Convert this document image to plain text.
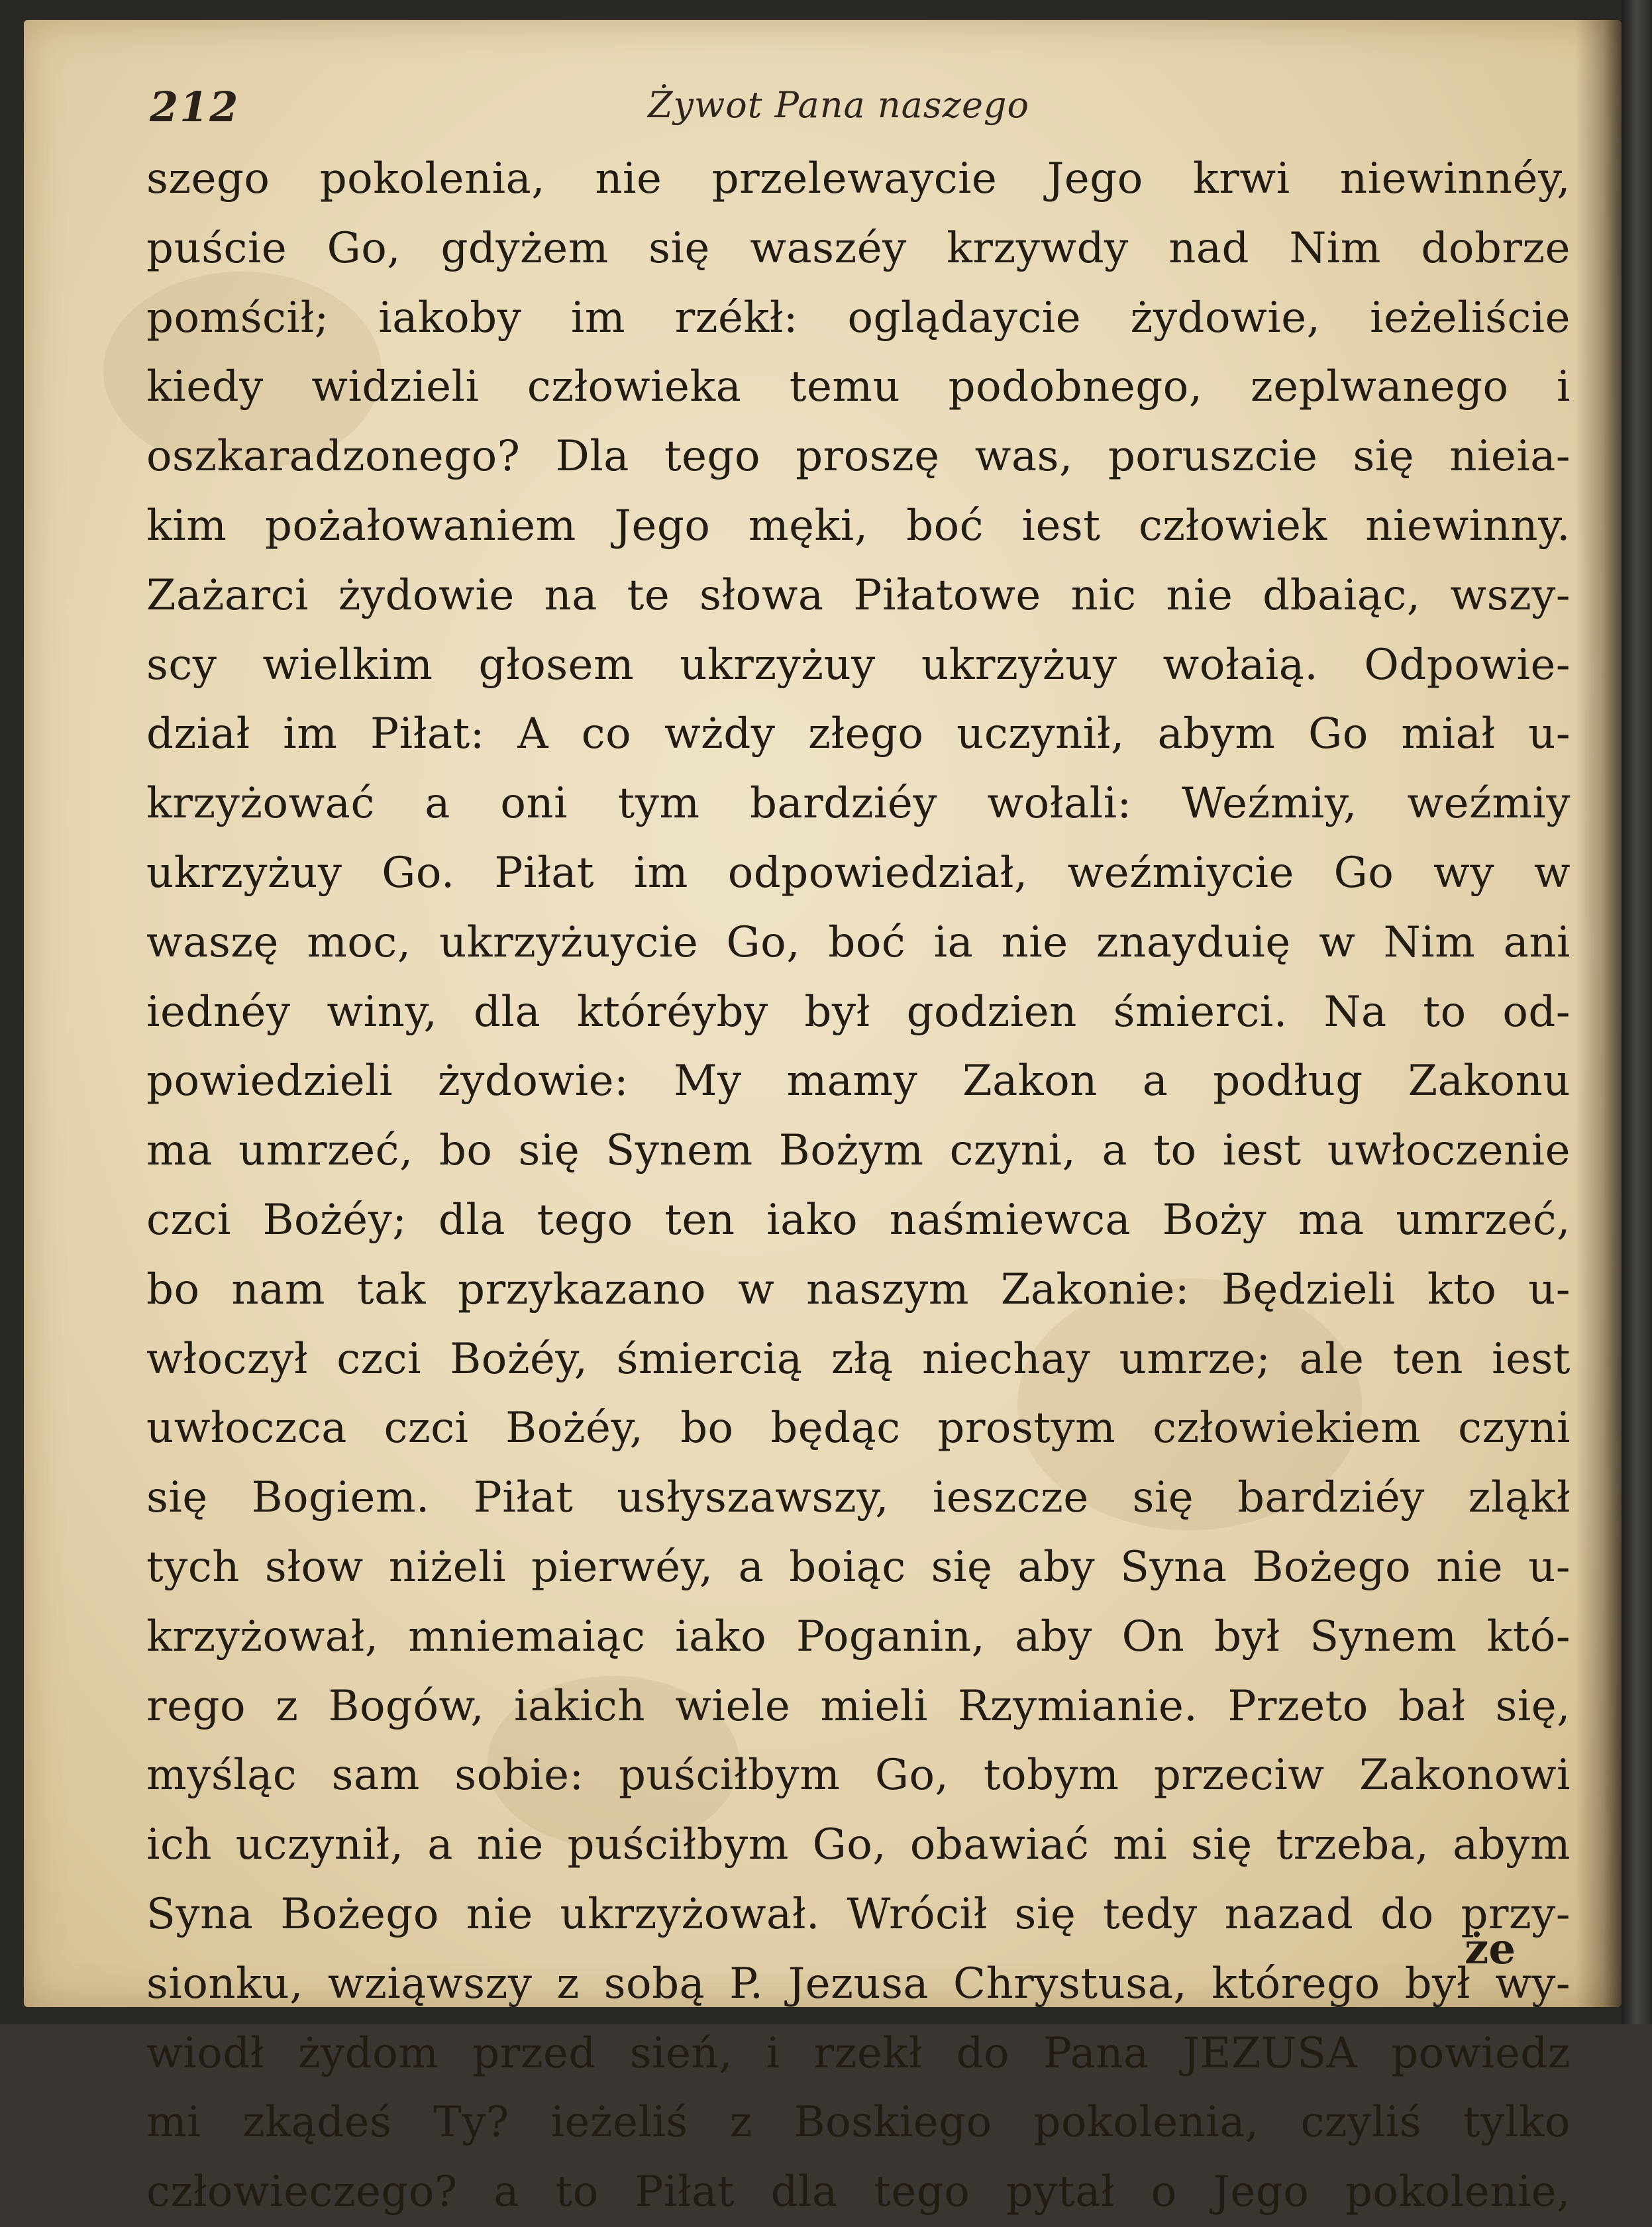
212	Żywot Pana naszego
szego pokolenia, nie przelewaycie Jego krwi niewinnéy,
puście Go, gdyżem się waszéy krzywdy nad Nim dobrze
pomścił; iakoby im rzékł: oglądaycie żydowie, ieżeliście
kiedy widzieli człowieka temu podobnego, zeplwanego i
oszkaradzonego? Dla tego proszę was, poruszcie się nieia-
kim pożałowaniem Jego męki, boć iest człowiek niewinny.
Zażarci żydowie na te słowa Piłatowe nic nie dbaiąc, wszy-
scy wielkim głosem ukrzyżuy ukrzyżuy wołaią. Odpowie-
dział im Piłat: A co wżdy złego uczynił, abym Go miał u-
krzyżować a oni tym bardziéy wołali: Weźmiy, weźmiy
ukrzyżuy Go. Piłat im odpowiedział, weźmiycie Go wy w
waszę moc, ukrzyżuycie Go, boć ia nie znayduię w Nim ani
iednéy winy, dla któréyby był godzien śmierci. Na to od-
powiedzieli żydowie: My mamy Zakon a podług Zakonu
ma umrzeć, bo się Synem Bożym czyni, a to iest uwłoczenie
czci Bożéy; dla tego ten iako naśmiewca Boży ma umrzeć,
bo nam tak przykazano w naszym Zakonie: Będzieli kto u-
włoczył czci Bożéy, śmiercią złą niechay umrze; ale ten iest
uwłoczca czci Bożéy, bo będąc prostym człowiekiem czyni
się Bogiem. Piłat usłyszawszy, ieszcze się bardziéy zląkł
tych słow niżeli pierwéy, a boiąc się aby Syna Bożego nie u-
krzyżował, mniemaiąc iako Poganin, aby On był Synem któ-
rego z Bogów, iakich wiele mieli Rzymianie. Przeto bał się,
myśląc sam sobie: puściłbym Go, tobym przeciw Zakonowi
ich uczynił, a nie puściłbym Go, obawiać mi się trzeba, abym
Syna Bożego nie ukrzyżował. Wrócił się tedy nazad do przy-
sionku, wziąwszy z sobą P. Jezusa Chrystusa, którego był wy-
wiodł żydom przed sień, i rzekł do Pana JEZUSA powiedz
mi zkądeś Ty? ieżeliś z Boskiego pokolenia, czyliś tylko
człowieczego? a to Piłat dla tego pytał o Jego pokolenie,
że
